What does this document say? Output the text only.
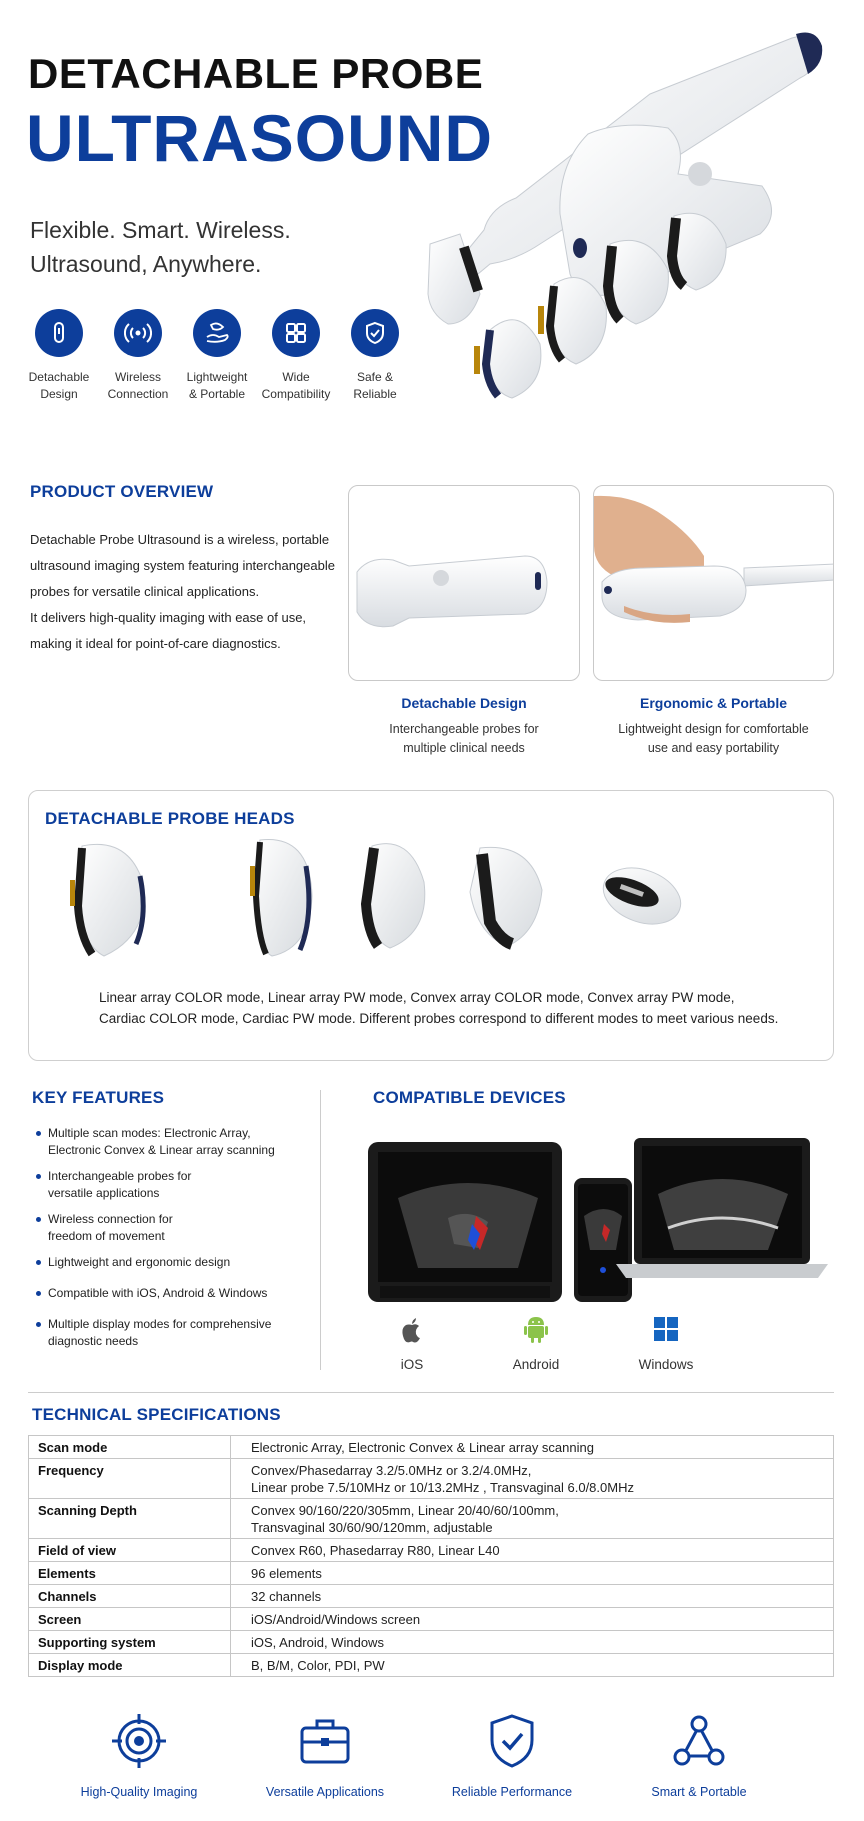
DETACHABLE PROBE
ULTRASOUND
Flexible. Smart. Wireless.
Ultrasound, Anywhere.
Detachable
Design
Wireless
Connection
Lightweight
& Portable
Wide
Compatibility
Safe &
Reliable
PRODUCT OVERVIEW
Detachable Probe Ultrasound is a wireless, portable
ultrasound imaging system featuring interchangeable
probes for versatile clinical applications.
It delivers high-quality imaging with ease of use,
making it ideal for point-of-care diagnostics.
Detachable Design
Interchangeable probes for
multiple clinical needs
Ergonomic & Portable
Lightweight design for comfortable
use and easy portability
DETACHABLE PROBE HEADS
Linear array COLOR mode, Linear array PW mode, Convex array COLOR mode, Convex array PW mode,
Cardiac COLOR mode, Cardiac PW mode. Different probes correspond to different modes to meet various needs.
KEY FEATURES
Multiple scan modes: Electronic Array,
Electronic Convex & Linear array scanning
Interchangeable probes for
versatile applications
Wireless connection for
freedom of movement
Lightweight and ergonomic design
Compatible with iOS, Android & Windows
Multiple display modes for comprehensive
diagnostic needs
COMPATIBLE DEVICES
iOS	Android	Windows
TECHNICAL SPECIFICATIONS
Scan mode	Electronic Array, Electronic Convex & Linear array scanning

Frequency	Convex/Phasedarray 3.2/5.0MHz or 3.2/4.0MHz,
Linear probe 7.5/10MHz or 10/13.2MHz , Transvaginal 6.0/8.0MHz

Scanning Depth	Convex 90/160/220/305mm, Linear 20/40/60/100mm,
Transvaginal 30/60/90/120mm, adjustable

Field of view	Convex R60, Phasedarray R80, Linear L40

Elements	96 elements

Channels	32 channels

Screen	iOS/Android/Windows screen

Supporting system	iOS, Android, Windows

Display mode	B, B/M, Color, PDI, PW
High-Quality Imaging	Versatile Applications	Reliable Performance	Smart & Portable
